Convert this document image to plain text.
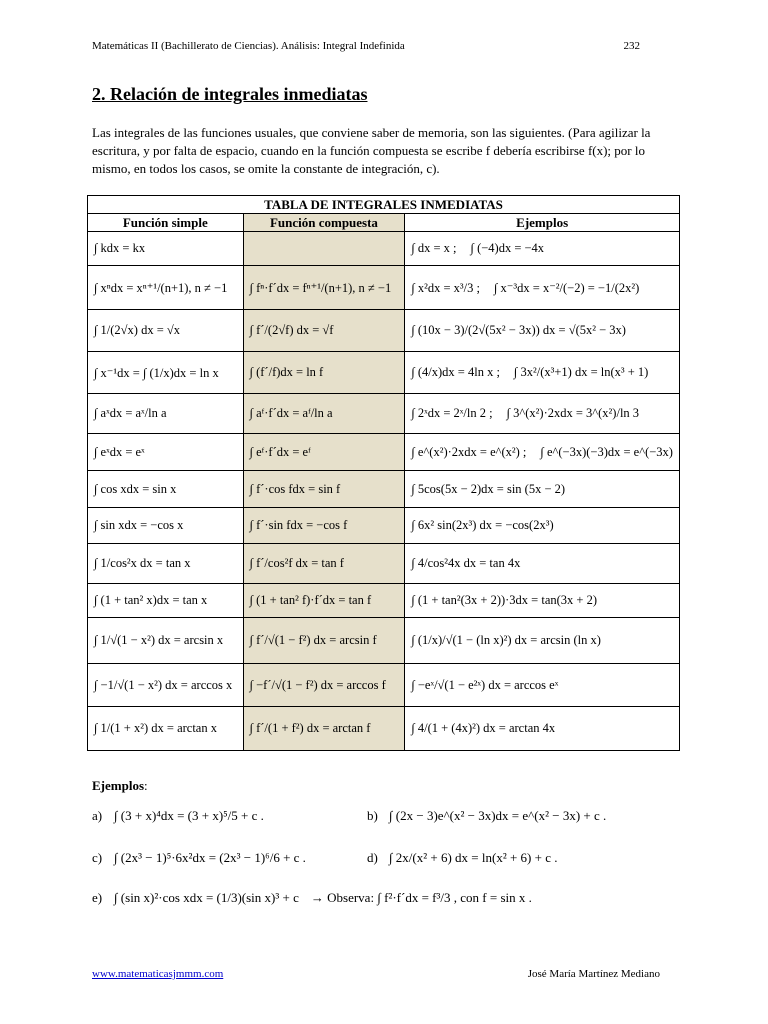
Matemáticas II (Bachillerato de Ciencias). Análisis: Integral Indefinida	232
2. Relación de integrales inmediatas

Las integrales de las funciones usuales, que conviene saber de memoria, son las siguientes. (Para agilizar la escritura, y por falta de espacio, cuando en la función compuesta se escribe f debería escribirse f(x); por lo mismo, en todos los casos, se omite la constante de integración, c).

TABLA DE INTEGRALES INMEDIATAS		
Función simple	Función compuesta	Ejemplos
∫ kdx = kx		∫ dx = x ; ∫ (−4)dx = −4x
∫ xⁿdx = xⁿ⁺¹/(n+1), n ≠ −1	∫ fⁿ·f´dx = fⁿ⁺¹/(n+1), n ≠ −1	∫ x²dx = x³/3 ; ∫ x⁻³dx = x⁻²/(−2) = −1/(2x²)
∫ 1/(2√x) dx = √x	∫ f´/(2√f) dx = √f	∫ (10x − 3)/(2√(5x² − 3x)) dx = √(5x² − 3x)
∫ x⁻¹dx = ∫ (1/x)dx = ln x	∫ (f´/f)dx = ln f	∫ (4/x)dx = 4ln x ; ∫ 3x²/(x³+1) dx = ln(x³ + 1)
∫ aˣdx = aˣ/ln a	∫ aᶠ·f´dx = aᶠ/ln a	∫ 2ˣdx = 2ˣ/ln 2 ; ∫ 3^(x²)·2xdx = 3^(x²)/ln 3
∫ eˣdx = eˣ	∫ eᶠ·f´dx = eᶠ	∫ e^(x²)·2xdx = e^(x²) ; ∫ e^(−3x)(−3)dx = e^(−3x)
∫ cos xdx = sin x	∫ f´·cos fdx = sin f	∫ 5cos(5x − 2)dx = sin (5x − 2)
∫ sin xdx = −cos x	∫ f´·sin fdx = −cos f	∫ 6x² sin(2x³) dx = −cos(2x³)
∫ 1/cos²x dx = tan x	∫ f´/cos²f dx = tan f	∫ 4/cos²4x dx = tan 4x
∫ (1 + tan² x)dx = tan x	∫ (1 + tan² f)·f´dx = tan f	∫ (1 + tan²(3x + 2))·3dx = tan(3x + 2)
∫ 1/√(1 − x²) dx = arcsin x	∫ f´/√(1 − f²) dx = arcsin f	∫ (1/x)/√(1 − (ln x)²) dx = arcsin (ln x)
∫ −1/√(1 − x²) dx = arccos x	∫ −f´/√(1 − f²) dx = arccos f	∫ −eˣ/√(1 − e²ˣ) dx = arccos eˣ
∫ 1/(1 + x²) dx = arctan x	∫ f´/(1 + f²) dx = arctan f	∫ 4/(1 + (4x)²) dx = arctan 4x
Ejemplos:
a) ∫ (3 + x)⁴dx = (3 + x)⁵/5 + c .	b) ∫ (2x − 3)e^(x² − 3x)dx = e^(x² − 3x) + c .
c) ∫ (2x³ − 1)⁵·6x²dx = (2x³ − 1)⁶/6 + c .	d) ∫ 2x/(x² + 6) dx = ln(x² + 6) + c .
e) ∫ (sin x)²·cos xdx = (1/3)(sin x)³ + c → Observa: ∫ f²·f´dx = f³/3 , con f = sin x .
www.matematicasjmmm.com	José María Martínez Mediano
